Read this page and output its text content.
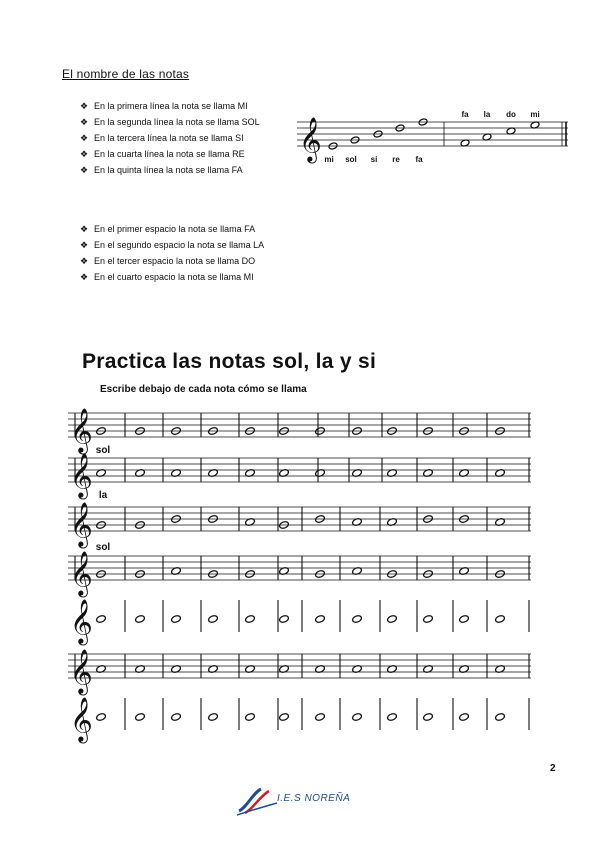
El nombre de las notas
❖ En la primera línea la nota se llama MI
❖ En la segunda línea la nota se llama SOL
❖ En la tercera línea la nota se llama SI
❖ En la cuarta línea la nota se llama RE
❖ En la quinta línea la nota se llama FA
❖ En el primer espacio la nota se llama FA
❖ En el segundo espacio la nota se llama LA
❖ En el tercer espacio la nota se llama DO
❖ En el cuarto espacio la nota se llama MI
Practica las notas sol, la y si
Escribe debajo de cada nota cómo se llama
𝄞 mi sol si re fa
fa la do mi
𝄞
𝄞
𝄞
𝄞
𝄞
𝄞
𝄞
sol
la
sol
2
I.E.S NOREÑA
